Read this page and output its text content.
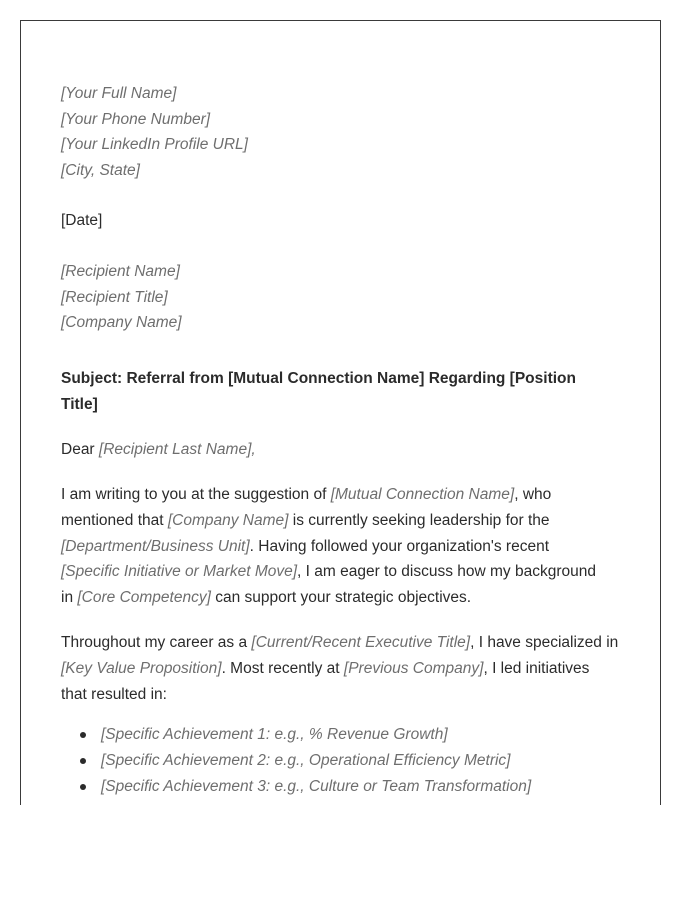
[Your Full Name]
[Your Phone Number]
[Your LinkedIn Profile URL]
[City, State]
[Date]
[Recipient Name]
[Recipient Title]
[Company Name]
Subject: Referral from [Mutual Connection Name] Regarding [Position
Title]
Dear [Recipient Last Name],
I am writing to you at the suggestion of [Mutual Connection Name], who
mentioned that [Company Name] is currently seeking leadership for the
[Department/Business Unit]. Having followed your organization's recent
[Specific Initiative or Market Move], I am eager to discuss how my background
in [Core Competency] can support your strategic objectives.
Throughout my career as a [Current/Recent Executive Title], I have specialized in
[Key Value Proposition]. Most recently at [Previous Company], I led initiatives
that resulted in:
[Specific Achievement 1: e.g., % Revenue Growth]
[Specific Achievement 2: e.g., Operational Efficiency Metric]
[Specific Achievement 3: e.g., Culture or Team Transformation]
